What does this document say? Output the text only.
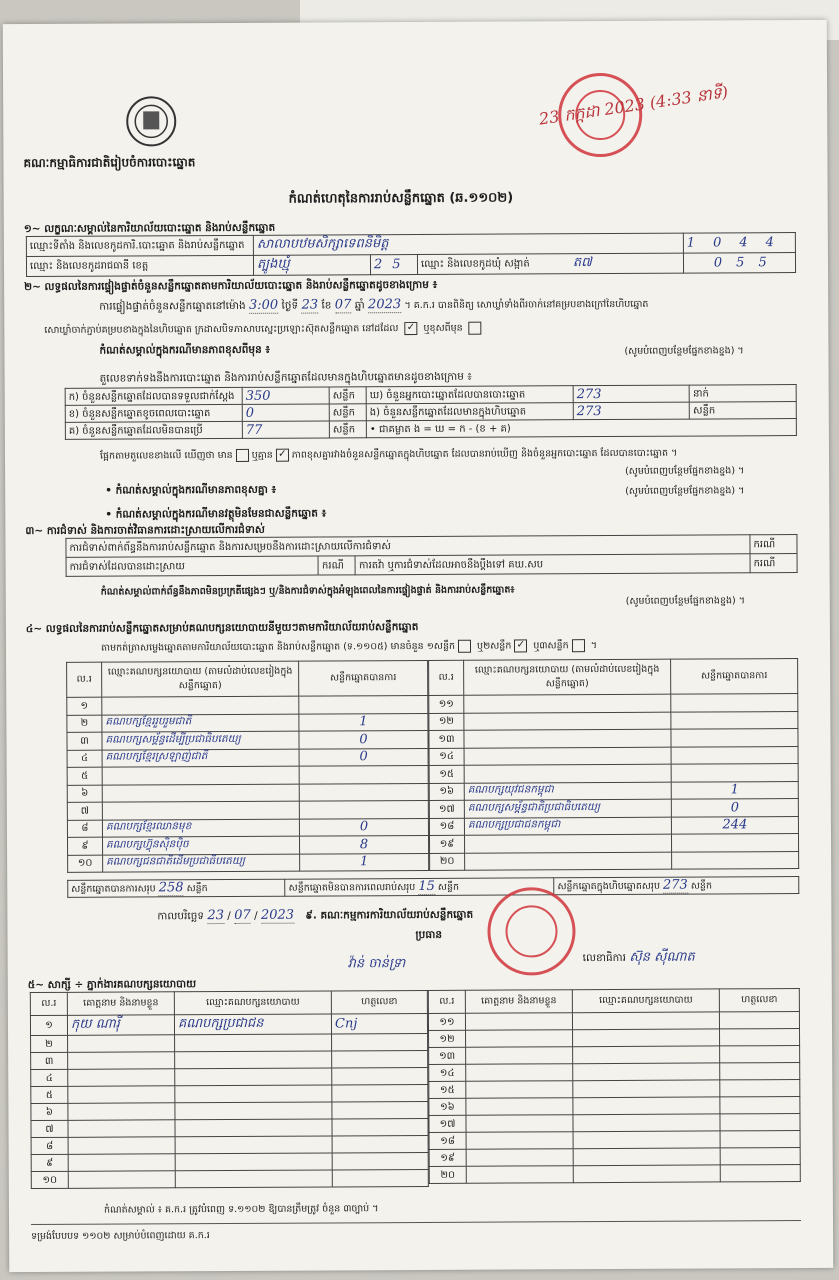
គណៈកម្មាធិការជាតិរៀបចំការបោះឆ្នោត
កំណត់ហេតុនៃការរាប់សន្លឹកឆ្នោត (ឆ.១១០២)
23 កក្កដា 2023 (4:33 នាទី)
១~ លក្ខណៈសម្គាល់នៃការិយាល័យបោះឆ្នោត និងរាប់សន្លឹកឆ្នោត
ឈ្មោះទីតាំង និងលេខកូដការិ.បោះឆ្នោត និងរាប់សន្លឹកឆ្នោត	សាលាបឋមសិក្សាទេពនិមិត្ត			1044
ឈ្មោះ និងលេខកូដរាជធានី ខេត្ត	ត្បូងឃ្មុំ	25	ឈ្មោះ និងលេខកូដឃុំ សង្កាត់ ត៧	055
២~ លទ្ធផលនៃការផ្ទៀងផ្ទាត់ចំនួនសន្លឹកឆ្នោតតាមការិយាល័យបោះឆ្នោត និងរាប់សន្លឹកឆ្នោតដូចខាងក្រោម ៖
ការផ្ទៀងផ្ទាត់ចំនួនសន្លឹកឆ្នោតនៅម៉ោង 3:00 ថ្ងៃទី 23 ខែ 07 ឆ្នាំ 2023 ។ គ.ក.រ បានពិនិត្យ សោឃ្លាំទាំងពីរចាក់នៅគម្របខាងក្រៅនៃហិបឆ្នោត
សោឃ្លាំចាក់ភ្ជាប់គម្របខាងក្នុងនៃហិបឆ្នោត ក្រដាសបិទភាសាបស្នេះប្រឡោះស៊ុតសន្លឹកឆ្នោត នៅដដែល ✓ ឬខុសពីមុន
កំណត់សម្គាល់ក្នុងករណីមានភាពខុសពីមុន ៖	(សូមបំពេញបន្ថែមផ្នែកខាងខ្នង) ។
តួលេខទាក់ទងនឹងការបោះឆ្នោត និងការរាប់សន្លឹកឆ្នោតដែលមានក្នុងហិបឆ្នោតមានដូចខាងក្រោម ៖
ក) ចំនួនសន្លឹកឆ្នោតដែលបានទទួលជាក់ស្តែង	350	សន្លឹក	ឃ) ចំនួនអ្នកបោះឆ្នោតដែលបានបោះឆ្នោត	273	នាក់
ខ) ចំនួនសន្លឹកឆ្នោតខូចពេលបោះឆ្នោត	0	សន្លឹក	ង) ចំនួនសន្លឹកឆ្នោតដែលមានក្នុងហិបឆ្នោត	273	សន្លឹក
គ) ចំនួនសន្លឹកឆ្នោតដែលមិនបានប្រើ	77	សន្លឹក	• ជាគម្លាត ង = ឃ = ក - (ខ + គ)		
ផ្អែកតាមតួលេខខាងលើ ឃើញថា មាន ឬគ្មាន ✓ ភាពខុសគ្នារវាងចំនួនសន្លឹកឆ្នោតក្នុងហិបឆ្នោត ដែលបានរាប់ឃើញ និងចំនួនអ្នកបោះឆ្នោត ដែលបានបោះឆ្នោត ។
(សូមបំពេញបន្ថែមផ្នែកខាងខ្នង) ។
• កំណត់សម្គាល់ក្នុងករណីមានភាពខុសគ្នា ៖	(សូមបំពេញបន្ថែមផ្នែកខាងខ្នង) ។
• កំណត់សម្គាល់ក្នុងករណីមានវត្ថុមិនមែនជាសន្លឹកឆ្នោត ៖
៣~ ការជំទាស់ និងការចាត់វិធានការដោះស្រាយលើការជំទាស់
ការជំទាស់ពាក់ព័ន្ធនឹងការរាប់សន្លឹកឆ្នោត និងការសម្រេចនឹងការដោះស្រាយលើការជំទាស់			ករណី
ការជំទាស់ដែលបានដោះស្រាយ	ករណី	ការតវ៉ា ឬការជំទាស់ដែលអាចនឹងប្តឹងទៅ គឃ.សប	ករណី
កំណត់សម្គាល់ពាក់ព័ន្ធនឹងភាពមិនប្រក្រតីផ្សេងៗ ឬ/និងការជំទាស់ក្នុងអំឡុងពេលនៃការផ្ទៀងផ្ទាត់ និងការរាប់សន្លឹកឆ្នោត៖
(សូមបំពេញបន្ថែមផ្នែកខាងខ្នង) ។
៤~ លទ្ធផលនៃការរាប់សន្លឹកឆ្នោតសម្រាប់គណបក្សនយោបាយនីមួយៗតាមការិយាល័យរាប់សន្លឹកឆ្នោត
តាមកត់ត្រាសម្លេងឆ្នោតតាមការិយាល័យបោះឆ្នោត និងរាប់សន្លឹកឆ្នោត (ទ.១១០៥) មានចំនួន ១សន្លឹក ឬ២សន្លឹក ✓ ឬ៣សន្លឹក ។
ល.រ	ឈ្មោះគណបក្សនយោបាយ (តាមលំដាប់លេខរៀងក្នុងសន្លឹកឆ្នោត)	សន្លឹកឆ្នោតបានការ
១		
២	គណបក្សខ្មែររួបរួមជាតិ	1
៣	គណបក្សសម្ព័ន្ធដើម្បីប្រជាធិបតេយ្យ	0
៤	គណបក្សខ្មែរស្រឡាញ់ជាតិ	0
៥		
៦		
៧		
៨	គណបក្សខ្មែរឈានមុខ	0
៩	គណបក្សហ៊្វុនស៊ិនប៉ិច	8
១០	គណបក្សជនជាតិដើមប្រជាធិបតេយ្យ	1
ល.រ	ឈ្មោះគណបក្សនយោបាយ (តាមលំដាប់លេខរៀងក្នុងសន្លឹកឆ្នោត)	សន្លឹកឆ្នោតបានការ
១១		
១២		
១៣		
១៤		
១៥		
១៦	គណបក្សយុវជនកម្ពុជា	1
១៧	គណបក្សសម្ព័ន្ធជាតិប្រជាធិបតេយ្យ	0
១៨	គណបក្សប្រជាជនកម្ពុជា	244
១៩		
២០		
សន្លឹកឆ្នោតបានការសរុប 258 សន្លឹក	សន្លឹកឆ្នោតមិនបានការពេលរាប់សរុប 15 សន្លឹក	សន្លឹកឆ្នោតក្នុងហិបឆ្នោតសរុប 273 សន្លឹក
កាលបរិច្ឆេទ 23 / 07 / 2023 ៩. គណៈកម្មការការិយាល័យរាប់សន្លឹកឆ្នោត
ប្រធាន
លេខាធិការ ស៊ុន ស៊ីណាត
វ៉ាន់ ចាន់ទ្រា
៥~ សាក្សី ÷ ភ្នាក់ងារគណបក្សនយោបាយ
ល.រ	គោត្តនាម និងនាមខ្លួន	ឈ្មោះគណបក្សនយោបាយ	ហត្ថលេខា
១	កុយ ណារ៉ី	គណបក្សប្រជាជន	Cnj
២			
៣			
៤			
៥			
៦			
៧			
៨			
៩			
១០			
ល.រ	គោត្តនាម និងនាមខ្លួន	ឈ្មោះគណបក្សនយោបាយ	ហត្ថលេខា
១១			
១២			
១៣			
១៤			
១៥			
១៦			
១៧			
១៨			
១៩			
២០			
កំណត់សម្គាល់ ៖ គ.ក.រ ត្រូវបំពេញ ទ.១១០២ ឱ្យបានត្រឹមត្រូវ ចំនួន ៣ច្បាប់ ។
ទម្រង់បែបបទ ១១០២ សម្រាប់បំពេញដោយ គ.ក.រ
